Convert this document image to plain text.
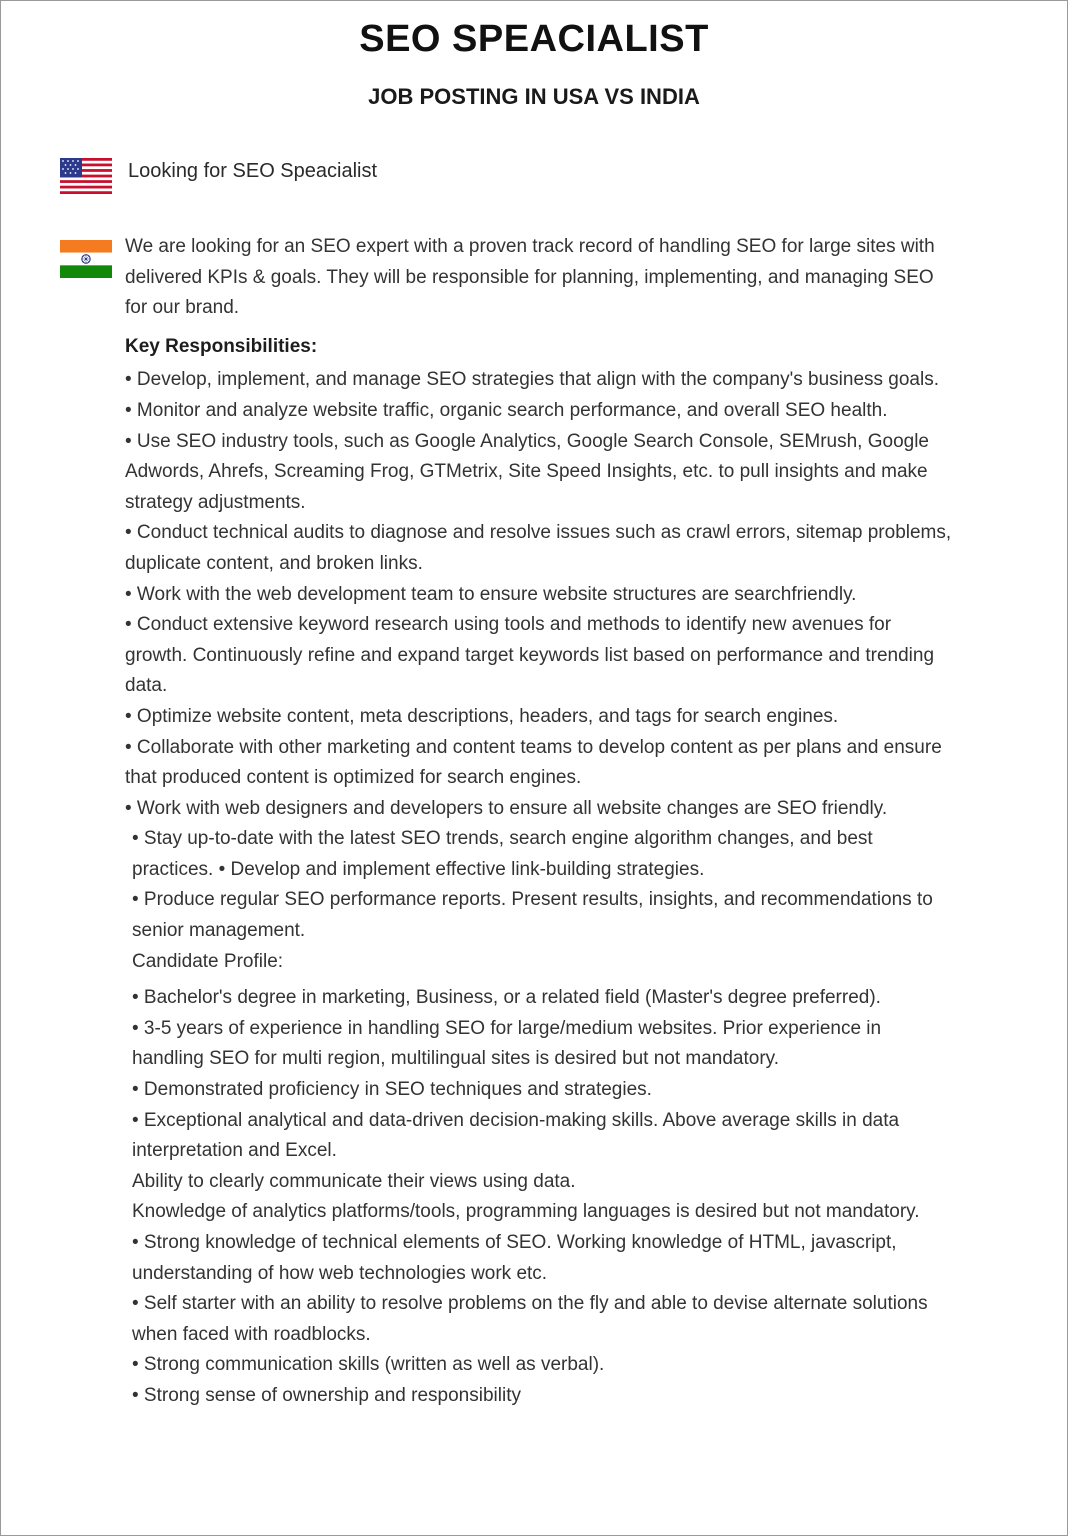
SEO SPEACIALIST
JOB POSTING IN USA VS INDIA
Looking for SEO Speacialist

We are looking for an SEO expert with a proven track record of handling SEO for large sites with delivered KPIs & goals. They will be responsible for planning, implementing, and managing SEO for our brand.

Key Responsibilities:

• Develop, implement, and manage SEO strategies that align with the company's business goals.
• Monitor and analyze website traffic, organic search performance, and overall SEO health.
• Use SEO industry tools, such as Google Analytics, Google Search Console, SEMrush, Google Adwords, Ahrefs, Screaming Frog, GTMetrix, Site Speed Insights, etc. to pull insights and make strategy adjustments.
• Conduct technical audits to diagnose and resolve issues such as crawl errors, sitemap problems, duplicate content, and broken links.
• Work with the web development team to ensure website structures are searchfriendly.
• Conduct extensive keyword research using tools and methods to identify new avenues for growth. Continuously refine and expand target keywords list based on performance and trending data.
• Optimize website content, meta descriptions, headers, and tags for search engines.
• Collaborate with other marketing and content teams to develop content as per plans and ensure that produced content is optimized for search engines.
• Work with web designers and developers to ensure all website changes are SEO friendly.
• Stay up-to-date with the latest SEO trends, search engine algorithm changes, and best practices. • Develop and implement effective link-building strategies.
• Produce regular SEO performance reports. Present results, insights, and recommendations to senior management.

Candidate Profile:

• Bachelor's degree in marketing, Business, or a related field (Master's degree preferred).
• 3-5 years of experience in handling SEO for large/medium websites. Prior experience in handling SEO for multi region, multilingual sites is desired but not mandatory.
• Demonstrated proficiency in SEO techniques and strategies.
• Exceptional analytical and data-driven decision-making skills. Above average skills in data interpretation and Excel.
Ability to clearly communicate their views using data.
Knowledge of analytics platforms/tools, programming languages is desired but not mandatory.
• Strong knowledge of technical elements of SEO. Working knowledge of HTML, javascript, understanding of how web technologies work etc.
• Self starter with an ability to resolve problems on the fly and able to devise alternate solutions when faced with roadblocks.
• Strong communication skills (written as well as verbal).
• Strong sense of ownership and responsibility
